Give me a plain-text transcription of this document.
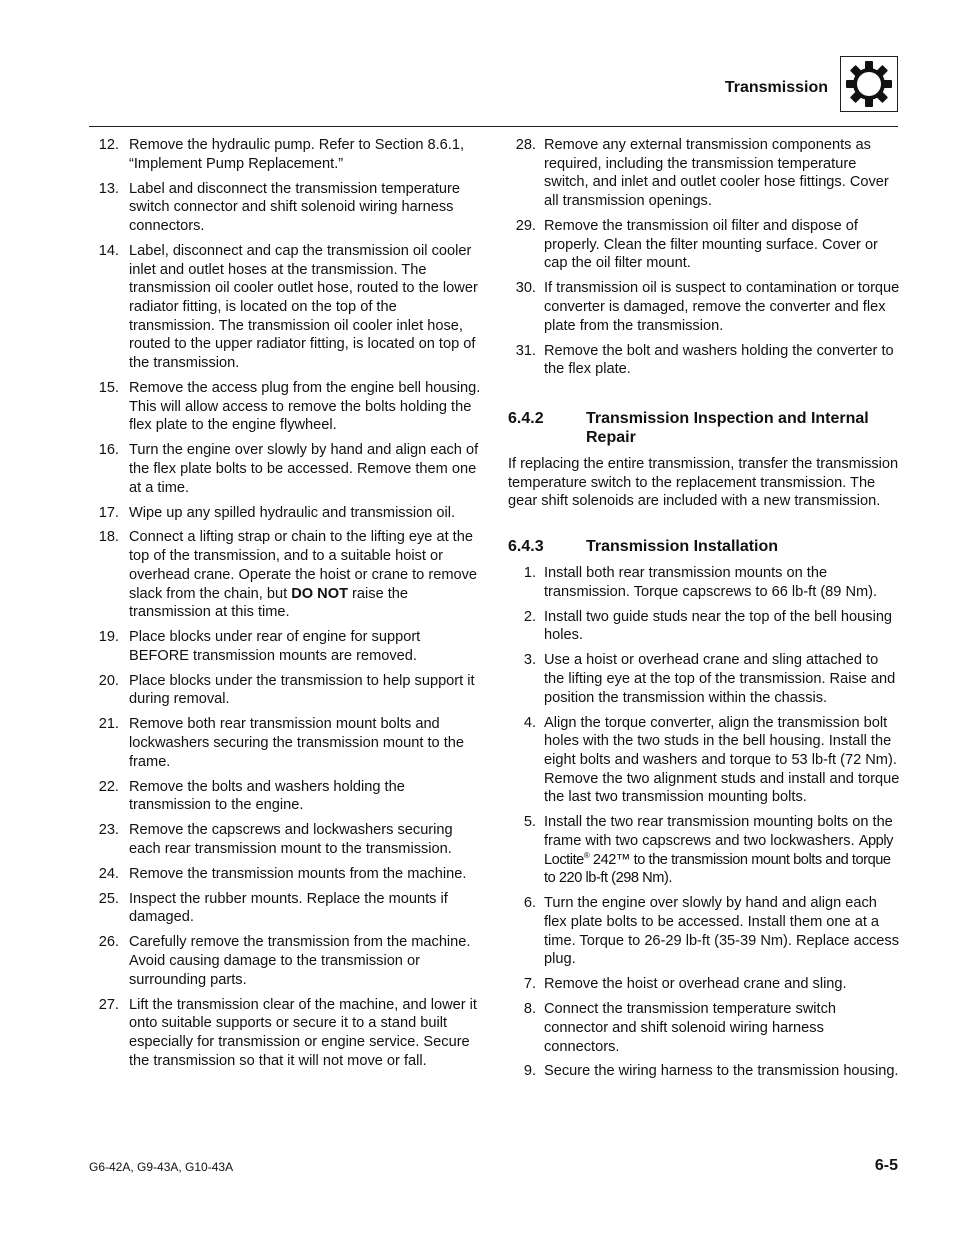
Transmission
12. Remove the hydraulic pump. Refer to Section 8.6.1, “Implement Pump Replacement.”
13. Label and disconnect the transmission temperature switch connector and shift solenoid wiring harness connectors.
14. Label, disconnect and cap the transmission oil cooler inlet and outlet hoses at the transmission. The transmission oil cooler outlet hose, routed to the lower radiator fitting, is located on the top of the transmission. The transmission oil cooler inlet hose, routed to the upper radiator fitting, is located on top of the transmission.
15. Remove the access plug from the engine bell housing. This will allow access to remove the bolts holding the flex plate to the engine flywheel.
16. Turn the engine over slowly by hand and align each of the flex plate bolts to be accessed. Remove them one at a time.
17. Wipe up any spilled hydraulic and transmission oil.
18. Connect a lifting strap or chain to the lifting eye at the top of the transmission, and to a suitable hoist or overhead crane. Operate the hoist or crane to remove slack from the chain, but DO NOT raise the transmission at this time.
19. Place blocks under rear of engine for support BEFORE transmission mounts are removed.
20. Place blocks under the transmission to help support it during removal.
21. Remove both rear transmission mount bolts and lockwashers securing the transmission mount to the frame.
22. Remove the bolts and washers holding the transmission to the engine.
23. Remove the capscrews and lockwashers securing each rear transmission mount to the transmission.
24. Remove the transmission mounts from the machine.
25. Inspect the rubber mounts. Replace the mounts if damaged.
26. Carefully remove the transmission from the machine. Avoid causing damage to the transmission or surrounding parts.
27. Lift the transmission clear of the machine, and lower it onto suitable supports or secure it to a stand built especially for transmission or engine service. Secure the transmission so that it will not move or fall.
28. Remove any external transmission components as required, including the transmission temperature switch, and inlet and outlet cooler hose fittings. Cover all transmission openings.
29. Remove the transmission oil filter and dispose of properly. Clean the filter mounting surface. Cover or cap the oil filter mount.
30. If transmission oil is suspect to contamination or torque converter is damaged, remove the converter and flex plate from the transmission.
31. Remove the bolt and washers holding the converter to the flex plate.
6.4.2	Transmission Inspection and Internal Repair
If replacing the entire transmission, transfer the transmission temperature switch to the replacement transmission. The gear shift solenoids are included with a new transmission.
6.4.3	Transmission Installation
1. Install both rear transmission mounts on the transmission. Torque capscrews to 66 lb-ft (89 Nm).
2. Install two guide studs near the top of the bell housing holes.
3. Use a hoist or overhead crane and sling attached to the lifting eye at the top of the transmission. Raise and position the transmission within the chassis.
4. Align the torque converter, align the transmission bolt holes with the two studs in the bell housing. Install the eight bolts and washers and torque to 53 lb-ft (72 Nm). Remove the two alignment studs and install and torque the last two transmission mounting bolts.
5. Install the two rear transmission mounting bolts on the frame with two capscrews and two lockwashers. Apply Loctite® 242™ to the transmission mount bolts and torque to 220 lb-ft (298 Nm).
6. Turn the engine over slowly by hand and align each flex plate bolts to be accessed. Install them one at a time. Torque to 26-29 lb-ft (35-39 Nm). Replace access plug.
7. Remove the hoist or overhead crane and sling.
8. Connect the transmission temperature switch connector and shift solenoid wiring harness connectors.
9. Secure the wiring harness to the transmission housing.
G6-42A, G9-43A, G10-43A	6-5
